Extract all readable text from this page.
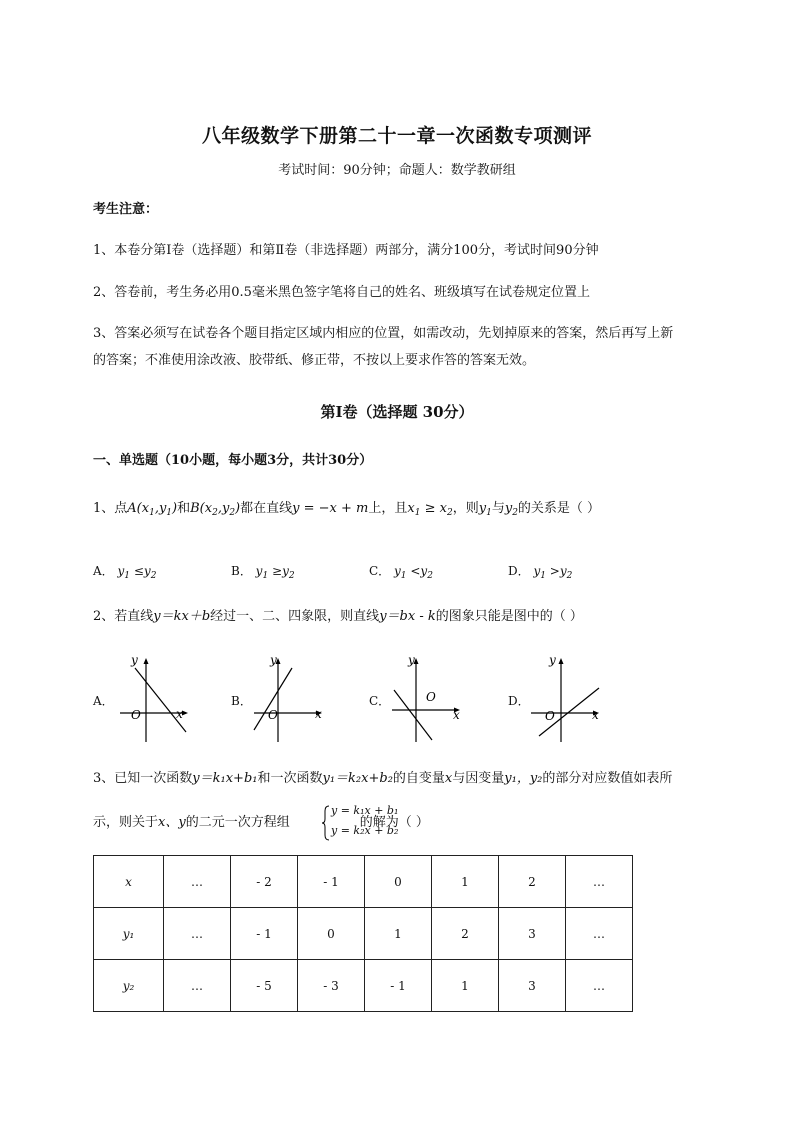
八年级数学下册第二十一章一次函数专项测评
考试时间：90分钟；命题人：数学教研组
考生注意：
1、本卷分第I卷（选择题）和第Ⅱ卷（非选择题）两部分，满分100分，考试时间90分钟
2、答卷前，考生务必用0.5毫米黑色签字笔将自己的姓名、班级填写在试卷规定位置上
3、答案必须写在试卷各个题目指定区域内相应的位置，如需改动，先划掉原来的答案，然后再写上新
的答案；不准使用涂改液、胶带纸、修正带，不按以上要求作答的答案无效。
第I卷（选择题 30分）
一、单选题（10小题，每小题3分，共计30分）
1、点$A(x_1,y_1)$和$B(x_2,y_2)$都在直线y = −x + m上，且$x_1 \ge x_2$，则$y_1$与$y_2$的关系是（ ）
A． $y_1 \le y_2$	B． $y_1 \ge y_2$	C． $y_1 <y_2$	D． $y_1 >y_2$
2、若直线y＝kx＋b经过一、二、四象限，则直线y＝bx - k的图象只能是图中的（ ）
A．
y
x
O
B．
y
x
O
C．
y
x
O	D．
y
x
O
3、已知一次函数y＝k₁x+b₁和一次函数y₁＝k₂x+b₂的自变量x与因变量y₁，y₂的部分对应数值如表所
示，则关于x、y的二元一次方程组	的解为（ ）
y = k₁x + b₁
y = k₂x + b₂
x	…	- 2	- 1	0	1	2	…
y₁	…	- 1	0	1	2	3	…
y₂	…	- 5	- 3	- 1	1	3	…
